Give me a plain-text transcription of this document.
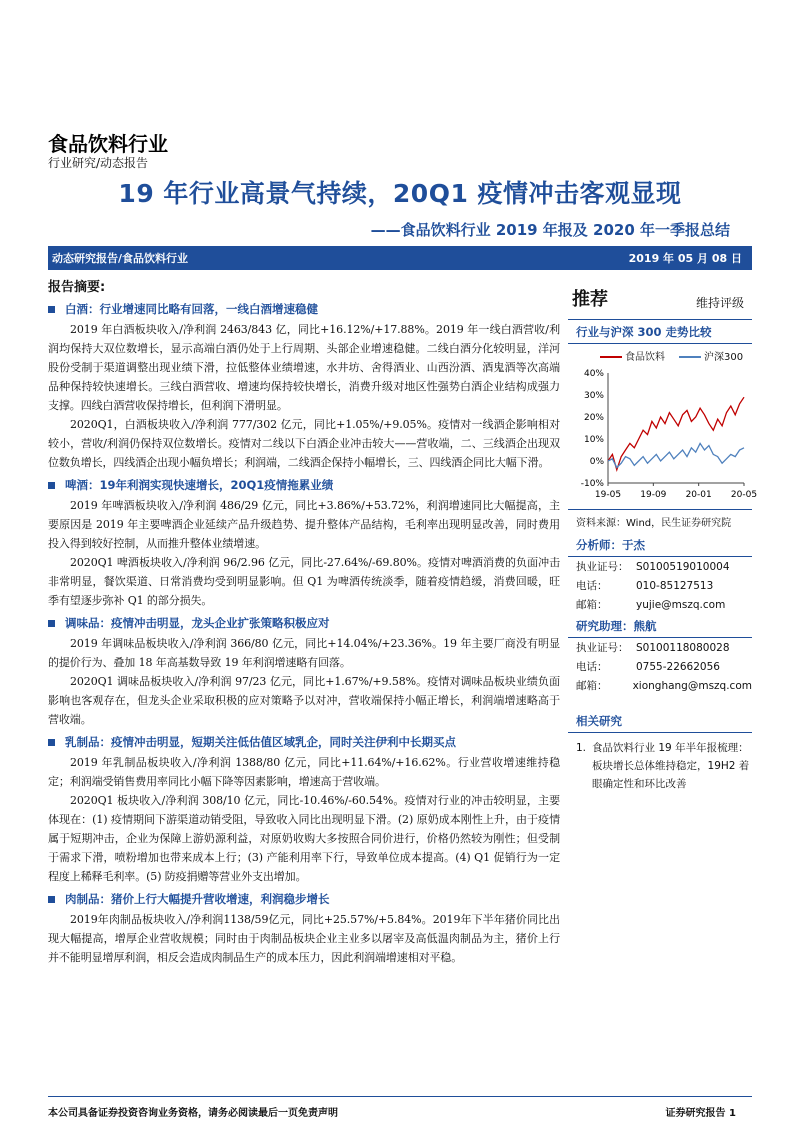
食品饮料行业
行业研究/动态报告
19 年行业高景气持续，20Q1 疫情冲击客观显现
——食品饮料行业 2019 年报及 2020 年一季报总结
动态研究报告/食品饮料行业	2019 年 05 月 08 日
报告摘要:
白酒：行业增速同比略有回落，一线白酒增速稳健

2019 年白酒板块收入/净利润 2463/843 亿，同比+16.12%/+17.88%。2019 年一线白酒营收/利润均保持大双位数增长，显示高端白酒仍处于上行周期、头部企业增速稳健。二线白酒分化较明显，洋河股份受制于渠道调整出现业绩下滑，拉低整体业绩增速，水井坊、舍得酒业、山西汾酒、酒鬼酒等次高端品种保持较快速增长。三线白酒营收、增速均保持较快增长，消费升级对地区性强势白酒企业结构成强力支撑。四线白酒营收保持增长，但利润下滑明显。

2020Q1，白酒板块收入/净利润 777/302 亿元，同比+1.05%/+9.05%。疫情对一线酒企影响相对较小，营收/利润仍保持双位数增长。疫情对二线以下白酒企业冲击较大——营收端，二、三线酒企出现双位数负增长，四线酒企出现小幅负增长；利润端，二线酒企保持小幅增长，三、四线酒企同比大幅下滑。

啤酒：19年利润实现快速增长，20Q1疫情拖累业绩

2019 年啤酒板块收入/净利润 486/29 亿元，同比+3.86%/+53.72%，利润增速同比大幅提高，主要原因是 2019 年主要啤酒企业延续产品升级趋势、提升整体产品结构，毛利率出现明显改善，同时费用投入得到较好控制，从而推升整体业绩增速。

2020Q1 啤酒板块收入/净利润 96/2.96 亿元，同比-27.64%/-69.80%。疫情对啤酒消费的负面冲击非常明显，餐饮渠道、日常消费均受到明显影响。但 Q1 为啤酒传统淡季，随着疫情趋缓，消费回暖，旺季有望逐步弥补 Q1 的部分损失。

调味品：疫情冲击明显，龙头企业扩张策略积极应对

2019 年调味品板块收入/净利润 366/80 亿元，同比+14.04%/+23.36%。19 年主要厂商没有明显的提价行为、叠加 18 年高基数导致 19 年利润增速略有回落。

2020Q1 调味品板块收入/净利润 97/23 亿元，同比+1.67%/+9.58%。疫情对调味品板块业绩负面影响也客观存在，但龙头企业采取积极的应对策略予以对冲，营收端保持小幅正增长，利润端增速略高于营收端。

乳制品：疫情冲击明显，短期关注低估值区域乳企，同时关注伊利中长期买点

2019 年乳制品板块收入/净利润 1388/80 亿元，同比+11.64%/+16.62%。行业营收增速维持稳定；利润端受销售费用率同比小幅下降等因素影响，增速高于营收端。

2020Q1 板块收入/净利润 308/10 亿元，同比-10.46%/-60.54%。疫情对行业的冲击较明显，主要体现在：(1) 疫情期间下游渠道动销受阻，导致收入同比出现明显下滑。(2) 原奶成本刚性上升，由于疫情属于短期冲击，企业为保障上游奶源利益，对原奶收购大多按照合同价进行，价格仍然较为刚性；但受制于需求下滑，喷粉增加也带来成本上行；(3) 产能利用率下行，导致单位成本提高。(4) Q1 促销行为一定程度上稀释毛利率。(5) 防疫捐赠等营业外支出增加。

肉制品：猪价上行大幅提升营收增速，利润稳步增长

2019年肉制品板块收入/净利润1138/59亿元，同比+25.57%/+5.84%。2019年下半年猪价同比出现大幅提高，增厚企业营收规模；同时由于肉制品板块企业主业多以屠宰及高低温肉制品为主，猪价上行并不能明显增厚利润，相反会造成肉制品生产的成本压力，因此利润端增速相对平稳。

推荐	维持评级
行业与沪深 300 走势比较
食品饮料	沪深300
-10%
0%
10%
20%
30%
40%
19-05 19-09 20-01 20-05
资料来源：Wind，民生证券研究院
分析师：于杰
执业证号： S0100519010004
电话：	010-85127513
邮箱：	yujie@mszq.com
研究助理：熊航
执业证号： S0100118080028
电话：	0755-22662056
邮箱：	xionghang@mszq.com
相关研究
1. 食品饮料行业 19 年半年报梳理：板块增长总体维持稳定，19H2 着眼确定性和环比改善
本公司具备证券投资咨询业务资格，请务必阅读最后一页免责声明	证券研究报告 1
